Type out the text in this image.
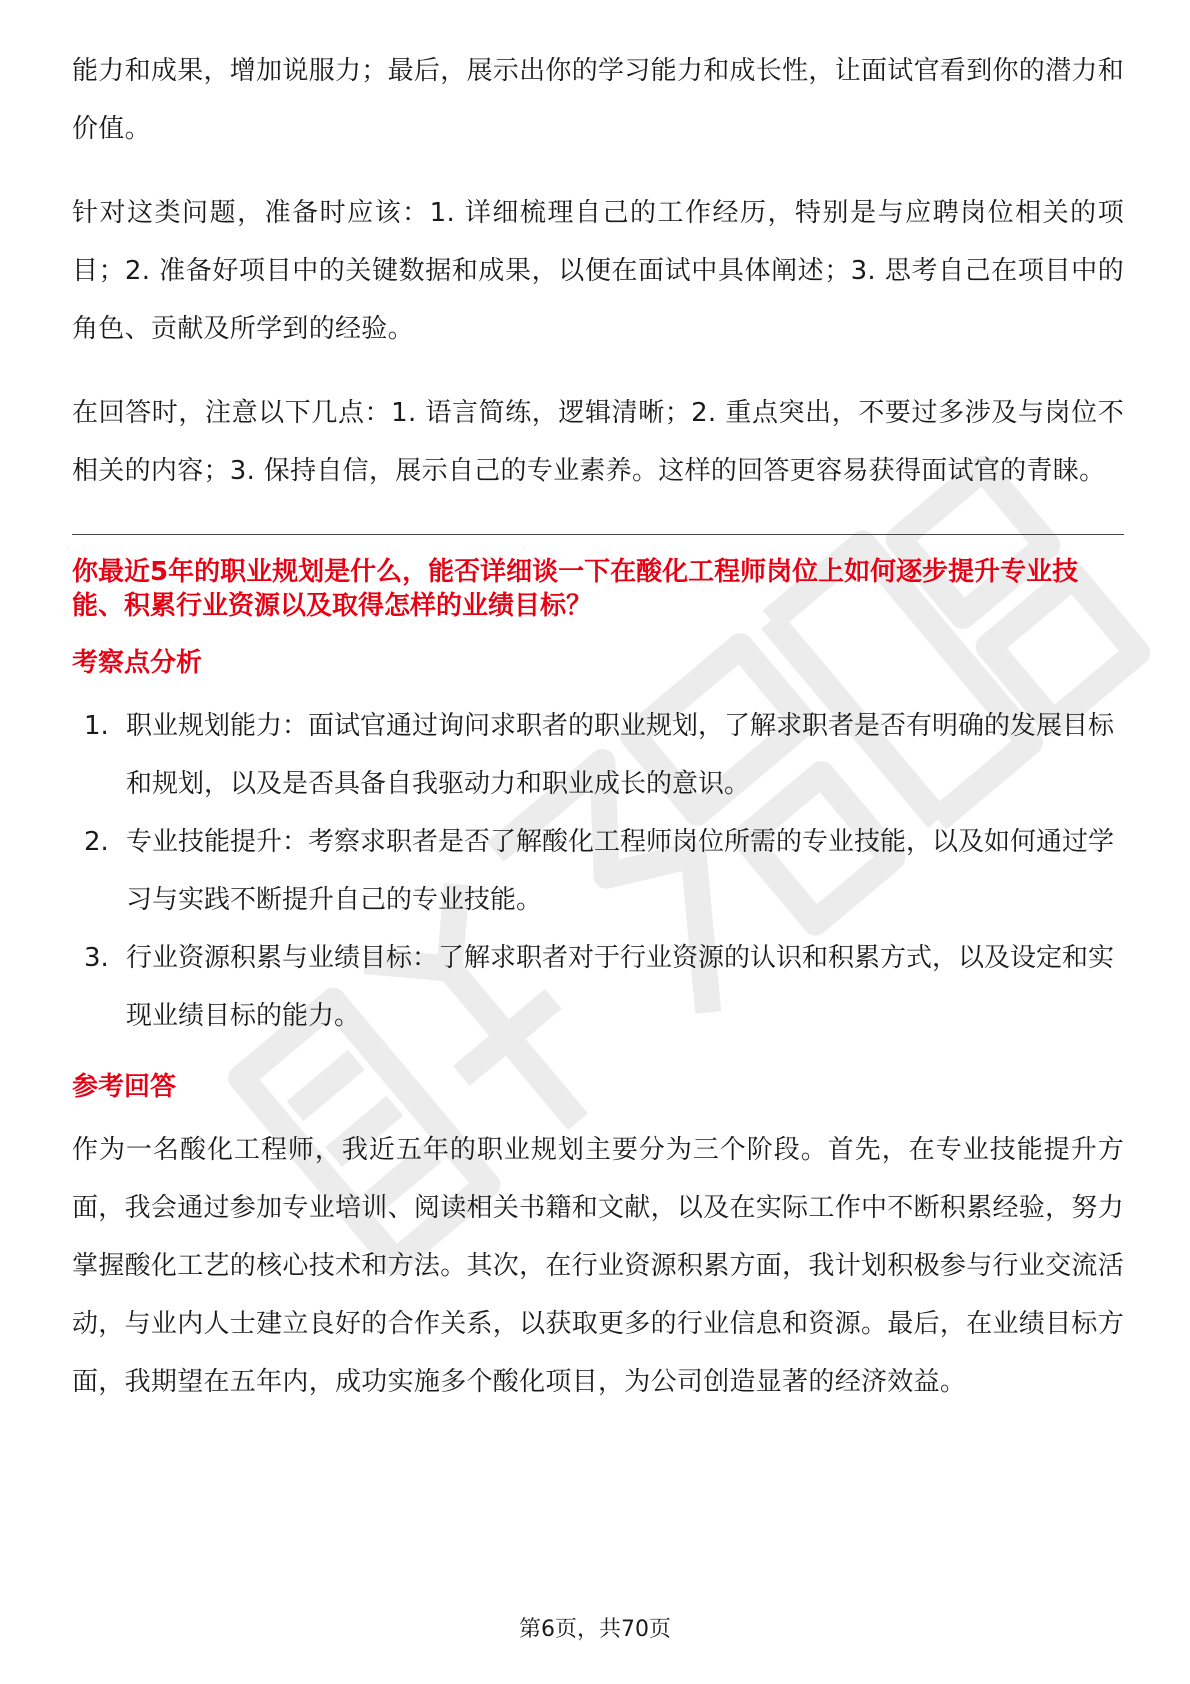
能力和成果，增加说服力；最后，展示出你的学习能力和成长性，让面试官看到你的潜力和价值。

针对这类问题，准备时应该：1. 详细梳理自己的工作经历，特别是与应聘岗位相关的项目；2. 准备好项目中的关键数据和成果，以便在面试中具体阐述；3. 思考自己在项目中的角色、贡献及所学到的经验。

在回答时，注意以下几点：1. 语言简练，逻辑清晰；2. 重点突出，不要过多涉及与岗位不相关的内容；3. 保持自信，展示自己的专业素养。这样的回答更容易获得面试官的青睐。

你最近5年的职业规划是什么，能否详细谈一下在酸化工程师岗位上如何逐步提升专业技能、积累行业资源以及取得怎样的业绩目标？

考察点分析
1. 职业规划能力：面试官通过询问求职者的职业规划，了解求职者是否有明确的发展目标和规划，以及是否具备自我驱动力和职业成长的意识。
2. 专业技能提升：考察求职者是否了解酸化工程师岗位所需的专业技能，以及如何通过学习与实践不断提升自己的专业技能。
3. 行业资源积累与业绩目标：了解求职者对于行业资源的认识和积累方式，以及设定和实现业绩目标的能力。
参考回答

作为一名酸化工程师，我近五年的职业规划主要分为三个阶段。首先，在专业技能提升方面，我会通过参加专业培训、阅读相关书籍和文献，以及在实际工作中不断积累经验，努力掌握酸化工艺的核心技术和方法。其次，在行业资源积累方面，我计划积极参与行业交流活动，与业内人士建立良好的合作关系，以获取更多的行业信息和资源。最后，在业绩目标方面，我期望在五年内，成功实施多个酸化项目，为公司创造显著的经济效益。

第6页，共70页
